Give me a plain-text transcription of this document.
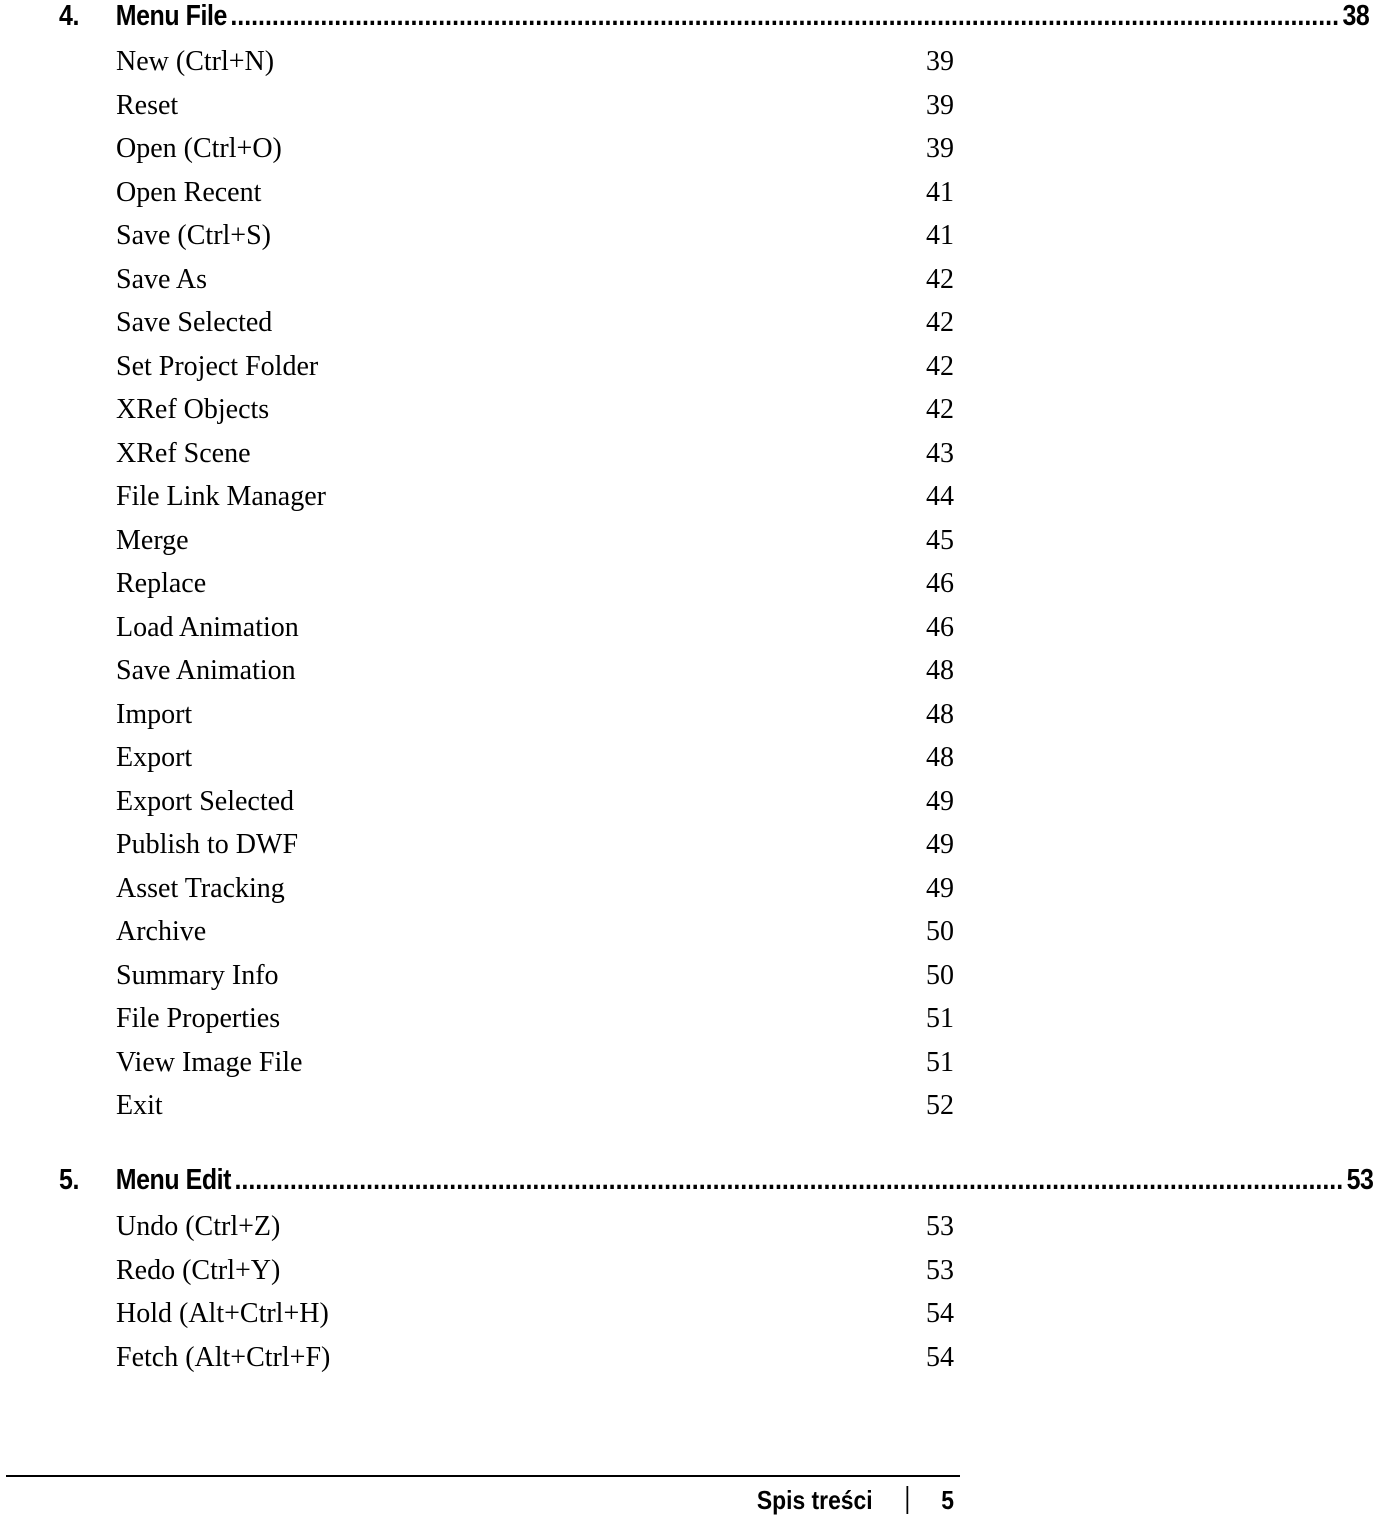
4.	Menu File ................................................................................................................................................................ 38
New (Ctrl+N)	39
Reset	39
Open (Ctrl+O)	39
Open Recent	41
Save (Ctrl+S)	41
Save As	42
Save Selected	42
Set Project Folder	42
XRef Objects	42
XRef Scene	43
File Link Manager	44
Merge	45
Replace	46
Load Animation	46
Save Animation	48
Import	48
Export	48
Export Selected	49
Publish to DWF	49
Asset Tracking	49
Archive	50
Summary Info	50
File Properties	51
View Image File	51
Exit	52
5.	Menu Edit ................................................................................................................................................................ 53
Undo (Ctrl+Z)	53
Redo (Ctrl+Y)	53
Hold (Alt+Ctrl+H)	54
Fetch (Alt+Ctrl+F)	54
Spis treści	5
